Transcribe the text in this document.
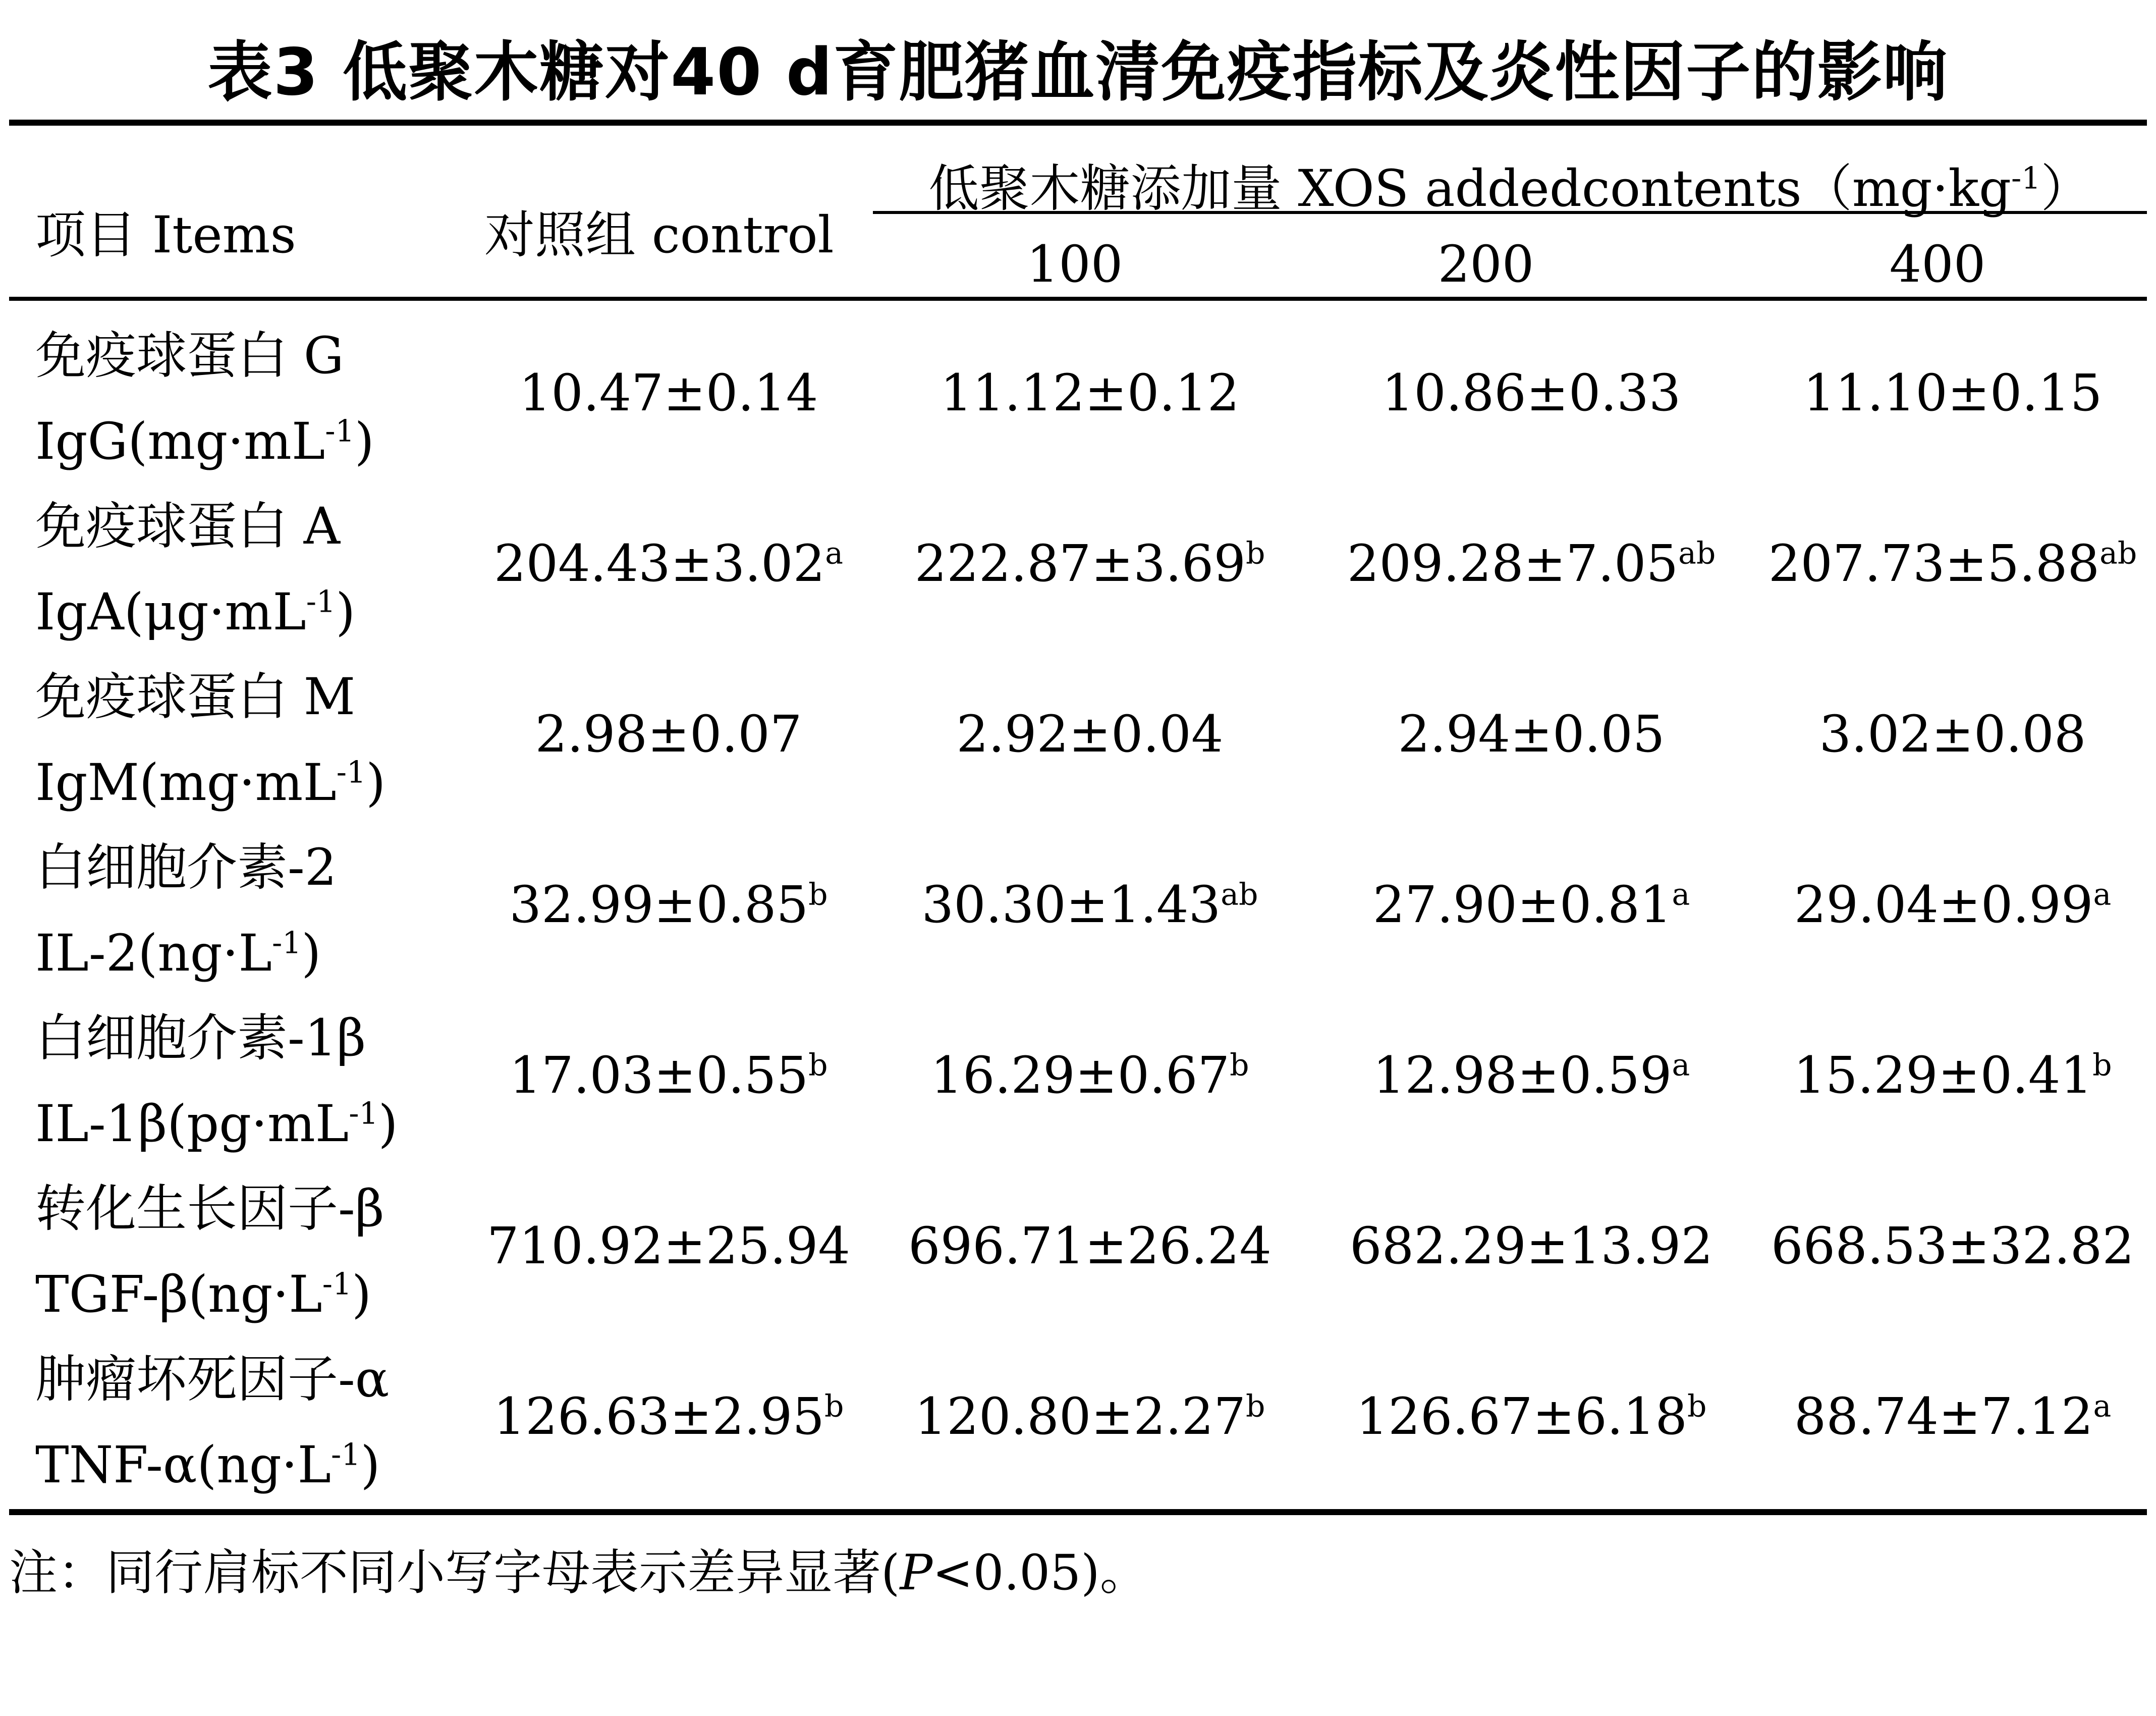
表3 低聚木糖对40 d育肥猪血清免疫指标及炎性因子的影响
项目 Items	对照组 control
低聚木糖添加量 XOS $addedcontents(mg\cdot kg^{-1})$
100	200	400
免疫球蛋白 G
$IgG(mg\cdot mL^{-1})$
10.47±0.14	11.12±0.12	10.86±0.33	11.10±0.15
免疫球蛋白 A
$IgA(\mu g\cdot mL^{-1})$
204.43±3.02$^a$	222.87±3.69$^b$	209.28±7.05$^{ab}$	207.73±5.88$^{ab}$
免疫球蛋白 M
$IgM(mg\cdot mL^{-1})$
2.98±0.07	2.92±0.04	2.94±0.05	3.02±0.08
白细胞介素-2
$IL-2(ng\cdot L^{-1})$
32.99±0.85$^b$	30.30±1.43$^{ab}$	27.90±0.81$^a$	29.04±0.99$^a$
白细胞介素-1β
$IL-1\beta(pg\cdot mL^{-1})$
17.03±0.55$^b$	16.29±0.67$^b$	12.98±0.59$^a$	15.29±0.41$^b$
转化生长因子-β
TGF-$\beta(ng\cdot L^{-1})$
710.92±25.94	696.71±26.24	682.29±13.92	668.53±32.82
肿瘤坏死因子-α
TNF-$\alpha(ng\cdot L^{-1})$
126.63±2.95$^b$	120.80±2.27$^b$	126.67±6.18$^b$	88.74±7.12$^a$
注：同行肩标不同小写字母表示差异显著(P<0.05)。
